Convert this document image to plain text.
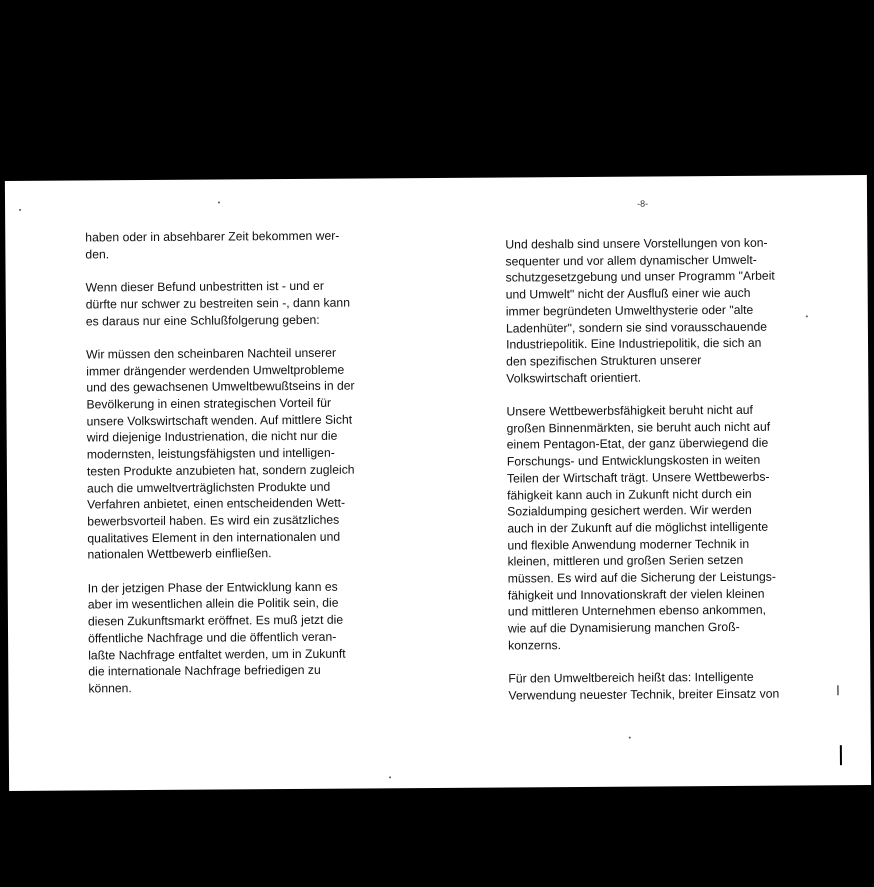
-8-

haben oder in absehbarer Zeit bekommen wer-
den.

Wenn dieser Befund unbestritten ist - und er
dürfte nur schwer zu bestreiten sein -, dann kann
es daraus nur eine Schlußfolgerung geben:

Wir müssen den scheinbaren Nachteil unserer
immer drängender werdenden Umweltprobleme
und des gewachsenen Umweltbewußtseins in der
Bevölkerung in einen strategischen Vorteil für
unsere Volkswirtschaft wenden. Auf mittlere Sicht
wird diejenige Industrienation, die nicht nur die
modernsten, leistungsfähigsten und intelligen-
testen Produkte anzubieten hat, sondern zugleich
auch die umweltverträglichsten Produkte und
Verfahren anbietet, einen entscheidenden Wett-
bewerbsvorteil haben. Es wird ein zusätzliches
qualitatives Element in den internationalen und
nationalen Wettbewerb einfließen.

In der jetzigen Phase der Entwicklung kann es
aber im wesentlichen allein die Politik sein, die
diesen Zukunftsmarkt eröffnet. Es muß jetzt die
öffentliche Nachfrage und die öffentlich veran-
laßte Nachfrage entfaltet werden, um in Zukunft
die internationale Nachfrage befriedigen zu
können.

Und deshalb sind unsere Vorstellungen von kon-
sequenter und vor allem dynamischer Umwelt-
schutzgesetzgebung und unser Programm "Arbeit
und Umwelt" nicht der Ausfluß einer wie auch
immer begründeten Umwelthysterie oder "alte
Ladenhüter", sondern sie sind vorausschauende
Industriepolitik. Eine Industriepolitik, die sich an
den spezifischen Strukturen unserer
Volkswirtschaft orientiert.

Unsere Wettbewerbsfähigkeit beruht nicht auf
großen Binnenmärkten, sie beruht auch nicht auf
einem Pentagon-Etat, der ganz überwiegend die
Forschungs- und Entwicklungskosten in weiten
Teilen der Wirtschaft trägt. Unsere Wettbewerbs-
fähigkeit kann auch in Zukunft nicht durch ein
Sozialdumping gesichert werden. Wir werden
auch in der Zukunft auf die möglichst intelligente
und flexible Anwendung moderner Technik in
kleinen, mittleren und großen Serien setzen
müssen. Es wird auf die Sicherung der Leistungs-
fähigkeit und Innovationskraft der vielen kleinen
und mittleren Unternehmen ebenso ankommen,
wie auf die Dynamisierung manchen Groß-
konzerns.

Für den Umweltbereich heißt das: Intelligente
Verwendung neuester Technik, breiter Einsatz von
